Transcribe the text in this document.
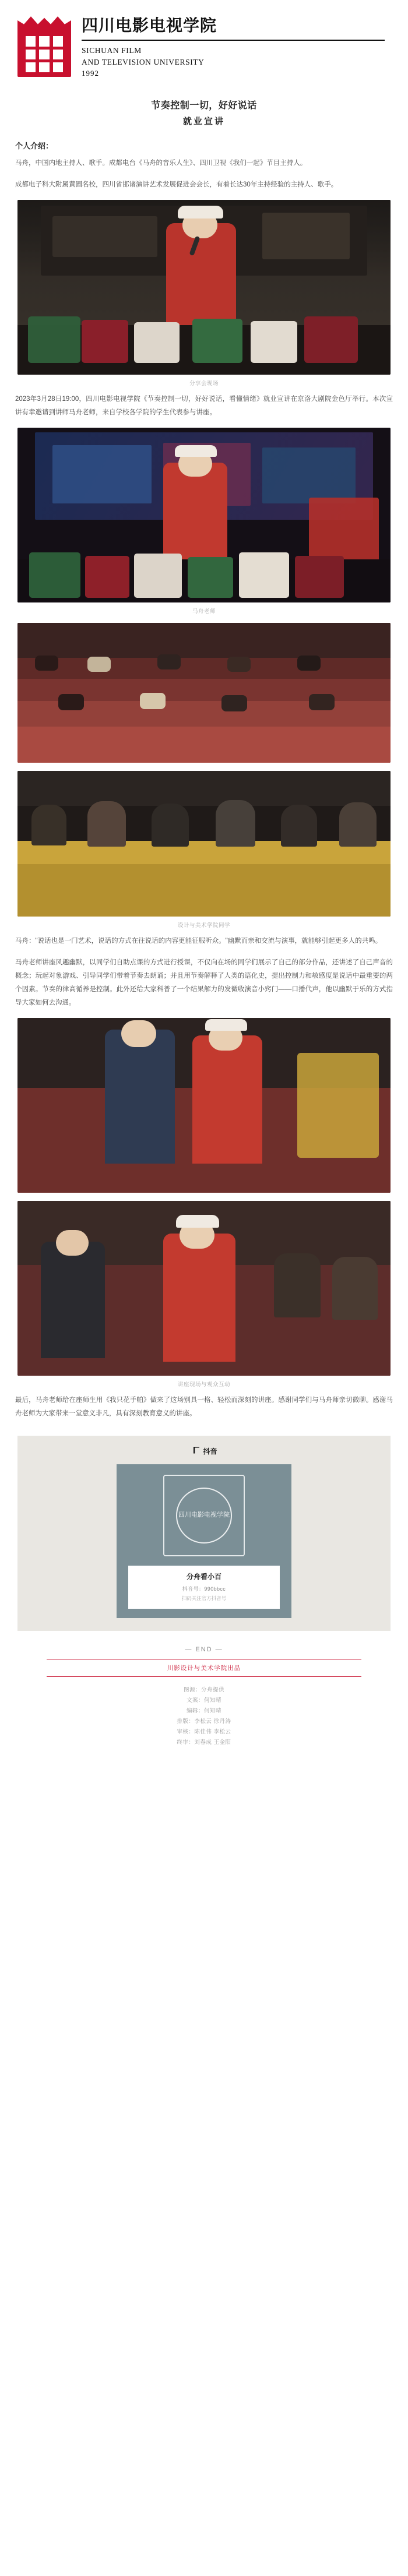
四川电影电视学院
SICHUAN FILM
AND TELEVISION UNIVERSITY
1992
节奏控制一切，好好说话
就业宣讲
个人介绍：
马舟，中国内地主持人、歌手。成都电台《马舟的音乐人生》、四川卫视《我们一起》节目主持人。
成都电子科大附属黄圃名校，四川省邯诸演讲艺术发展促进会会长，有着长达30年主持经验的主持人、歌手。
分享会现场
2023年3月28日19:00，四川电影电视学院《节奏控制一切，好好说话，看懂情绪》就业宣讲在京洛大剧院金色厅举行。本次宣讲有幸邀请到讲师马舟老师，来自学校各学院的学生代表参与讲座。
马舟老师
设计与美术学院同学
马舟："说话也是一门艺术，说话的方式在往说话的内容更能征服听众。"幽默而亲和交流与演事，就能够引起更多人的共鸣。
马舟老师讲座风趣幽默，以同学们自助点课的方式进行授课，不仅向在场的同学们展示了自己的部分作品，还讲述了自己声音的概念；玩起对象游戏、引导同学们带着节奏去朗诵；并且用节奏解释了人类的语化史，提出控制力和敏感度是说话中最重要的两个因素。节奏的律高循养是控制。此外还给大家科普了一个结果解力的发微收演音小窍门——口播代声，他以幽默于乐的方式指导大家如何去沟通。
讲座现场与观众互动
最后，马舟老师给在座师生用《我只花手帕》做来了这场别具一格、轻松而深刻的讲座。感谢同学们与马舟师亲切微聊。感谢马舟老师为大家带来一堂意义非凡，具有深刻教育意义的讲座。
抖音
四川电影电视学院
分舟看小百
抖音号：990bbcc
扫码关注官方抖音号
— END —
川影设计与美术学院出品
图源：分舟提供
文案：何知晴
编辑：何知晴
排版：李松云 徐丹涛
审核：陈佳伟 李松云
终审：刘春成 王金阳
